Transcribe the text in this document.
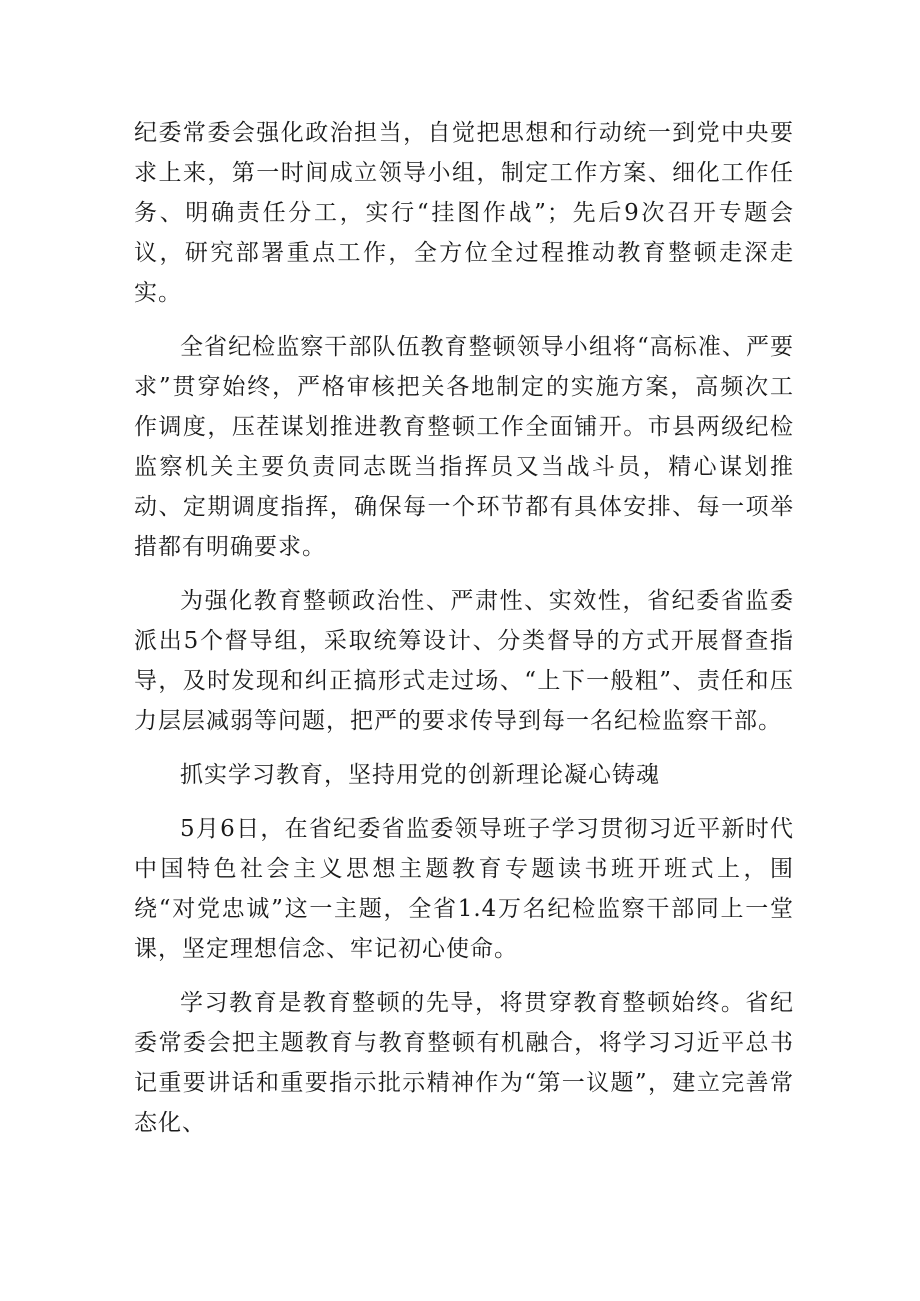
纪委常委会强化政治担当，自觉把思想和行动统一到党中央要求上来，第一时间成立领导小组，制定工作方案、细化工作任务、明确责任分工，实行“挂图作战”；先后9次召开专题会议，研究部署重点工作，全方位全过程推动教育整顿走深走实。

全省纪检监察干部队伍教育整顿领导小组将“高标准、严要求”贯穿始终，严格审核把关各地制定的实施方案，高频次工作调度，压茬谋划推进教育整顿工作全面铺开。市县两级纪检监察机关主要负责同志既当指挥员又当战斗员，精心谋划推动、定期调度指挥，确保每一个环节都有具体安排、每一项举措都有明确要求。

为强化教育整顿政治性、严肃性、实效性，省纪委省监委派出5个督导组，采取统筹设计、分类督导的方式开展督查指导，及时发现和纠正搞形式走过场、“上下一般粗”、责任和压力层层减弱等问题，把严的要求传导到每一名纪检监察干部。

抓实学习教育，坚持用党的创新理论凝心铸魂

5月6日，在省纪委省监委领导班子学习贯彻习近平新时代中国特色社会主义思想主题教育专题读书班开班式上，围绕“对党忠诚”这一主题，全省1.4万名纪检监察干部同上一堂课，坚定理想信念、牢记初心使命。

学习教育是教育整顿的先导，将贯穿教育整顿始终。省纪委常委会把主题教育与教育整顿有机融合，将学习习近平总书记重要讲话和重要指示批示精神作为“第一议题”，建立完善常态化、
